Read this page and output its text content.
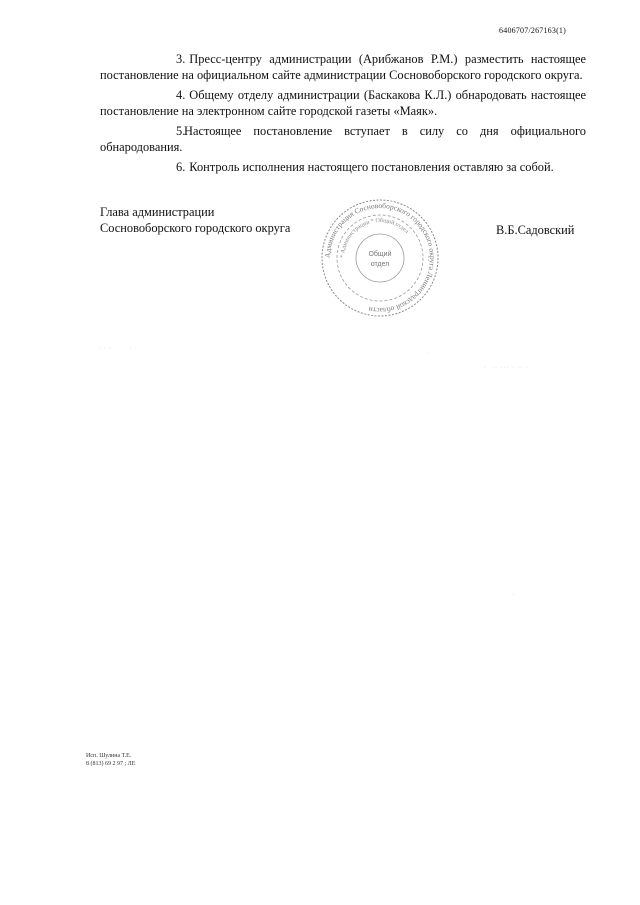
6406707/267163(1)

3. Пресс-центру администрации (Арибжанов Р.М.) разместить настоящее постановление на официальном сайте администрации Сосновоборского городского округа.

4. Общему отделу администрации (Баскакова К.Л.) обнародовать настоящее постановление на электронном сайте городской газеты «Маяк».

5.Настоящее постановление вступает в силу со дня официального обнародования.

6. Контроль исполнения настоящего постановления оставляю за собой.

Глава администрации
Сосновоборского городского округа	В.Б.Садовский
Администрация Сосновоборского городского округа Ленинградской области
* Администрации * Общий отдел
Общий
отдел
· · ·       ·
·
·  ·· ··· · ·· ·
·
Исп. Шулина Т.Е.
8 (813) 69 2 97 ; ЛЕ
